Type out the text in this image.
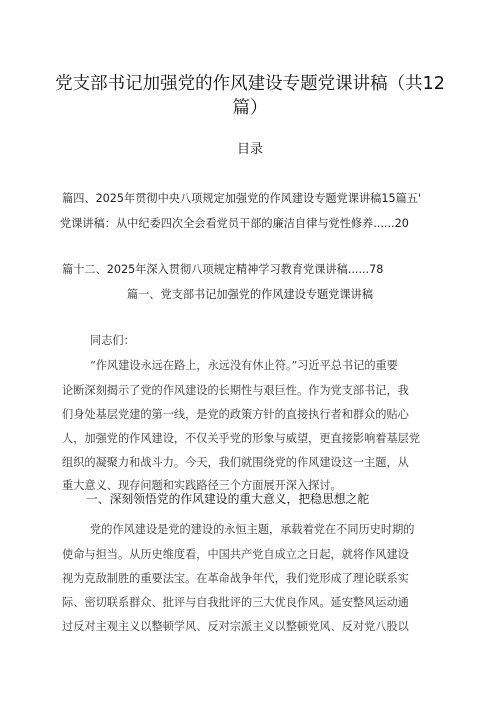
党支部书记加强党的作风建设专题党课讲稿（共12
篇）
目录
篇四、2025年贯彻中央八项规定加强党的作风建设专题党课讲稿15篇五'
党课讲稿：从中纪委四次全会看党员干部的廉洁自律与党性修养......20
篇十二、2025年深入贯彻八项规定精神学习教育党课讲稿......78
篇一、党支部书记加强党的作风建设专题党课讲稿
同志们：
“作风建设永远在路上，永远没有休止符。”习近平总书记的重要
论断深刻揭示了党的作风建设的长期性与艰巨性。作为党支部书记，我
们身处基层党建的第一线，是党的政策方针的直接执行者和群众的贴心
人，加强党的作风建设，不仅关乎党的形象与威望，更直接影响着基层党
组织的凝聚力和战斗力。今天，我们就围绕党的作风建设这一主题，从
重大意义、现存问题和实践路径三个方面展开深入探讨。
一、深刻领悟党的作风建设的重大意义，把稳思想之舵
党的作风建设是党的建设的永恒主题，承载着党在不同历史时期的
使命与担当。从历史维度看，中国共产党自成立之日起，就将作风建设
视为克敌制胜的重要法宝。在革命战争年代，我们党形成了理论联系实
际、密切联系群众、批评与自我批评的三大优良作风。延安整风运动通
过反对主观主义以整顿学风、反对宗派主义以整顿党风、反对党八股以
